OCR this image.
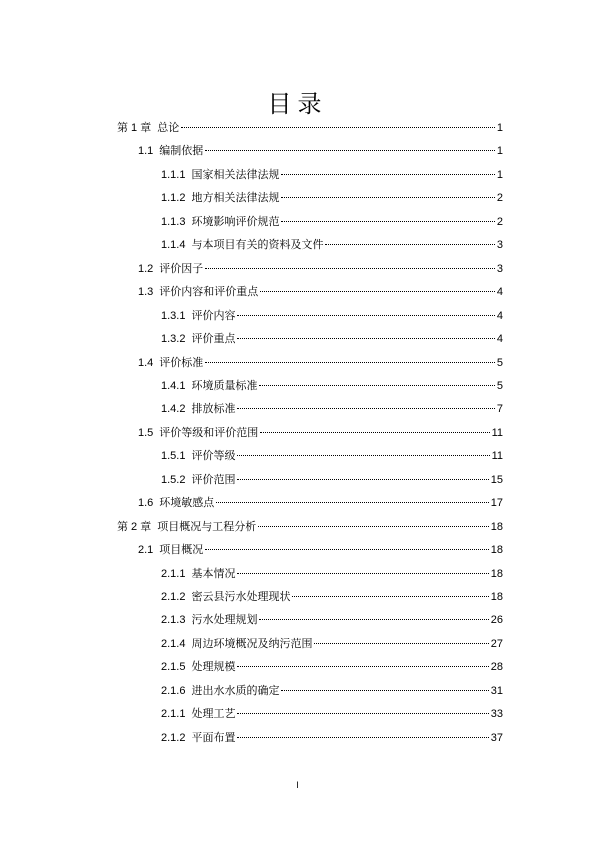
目录
第 1 章 总论	1
1.1 编制依据	1
1.1.1 国家相关法律法规	1
1.1.2 地方相关法律法规	2
1.1.3 环境影响评价规范	2
1.1.4 与本项目有关的资料及文件	3
1.2 评价因子	3
1.3 评价内容和评价重点	4
1.3.1 评价内容	4
1.3.2 评价重点	4
1.4 评价标准	5
1.4.1 环境质量标准	5
1.4.2 排放标准	7
1.5 评价等级和评价范围	11
1.5.1 评价等级	11
1.5.2 评价范围	15
1.6 环境敏感点	17
第 2 章 项目概况与工程分析	18
2.1 项目概况	18
2.1.1 基本情况	18
2.1.2 密云县污水处理现状	18
2.1.3 污水处理规划	26
2.1.4 周边环境概况及纳污范围	27
2.1.5 处理规模	28
2.1.6 进出水水质的确定	31
2.1.1 处理工艺	33
2.1.2 平面布置	37
I
